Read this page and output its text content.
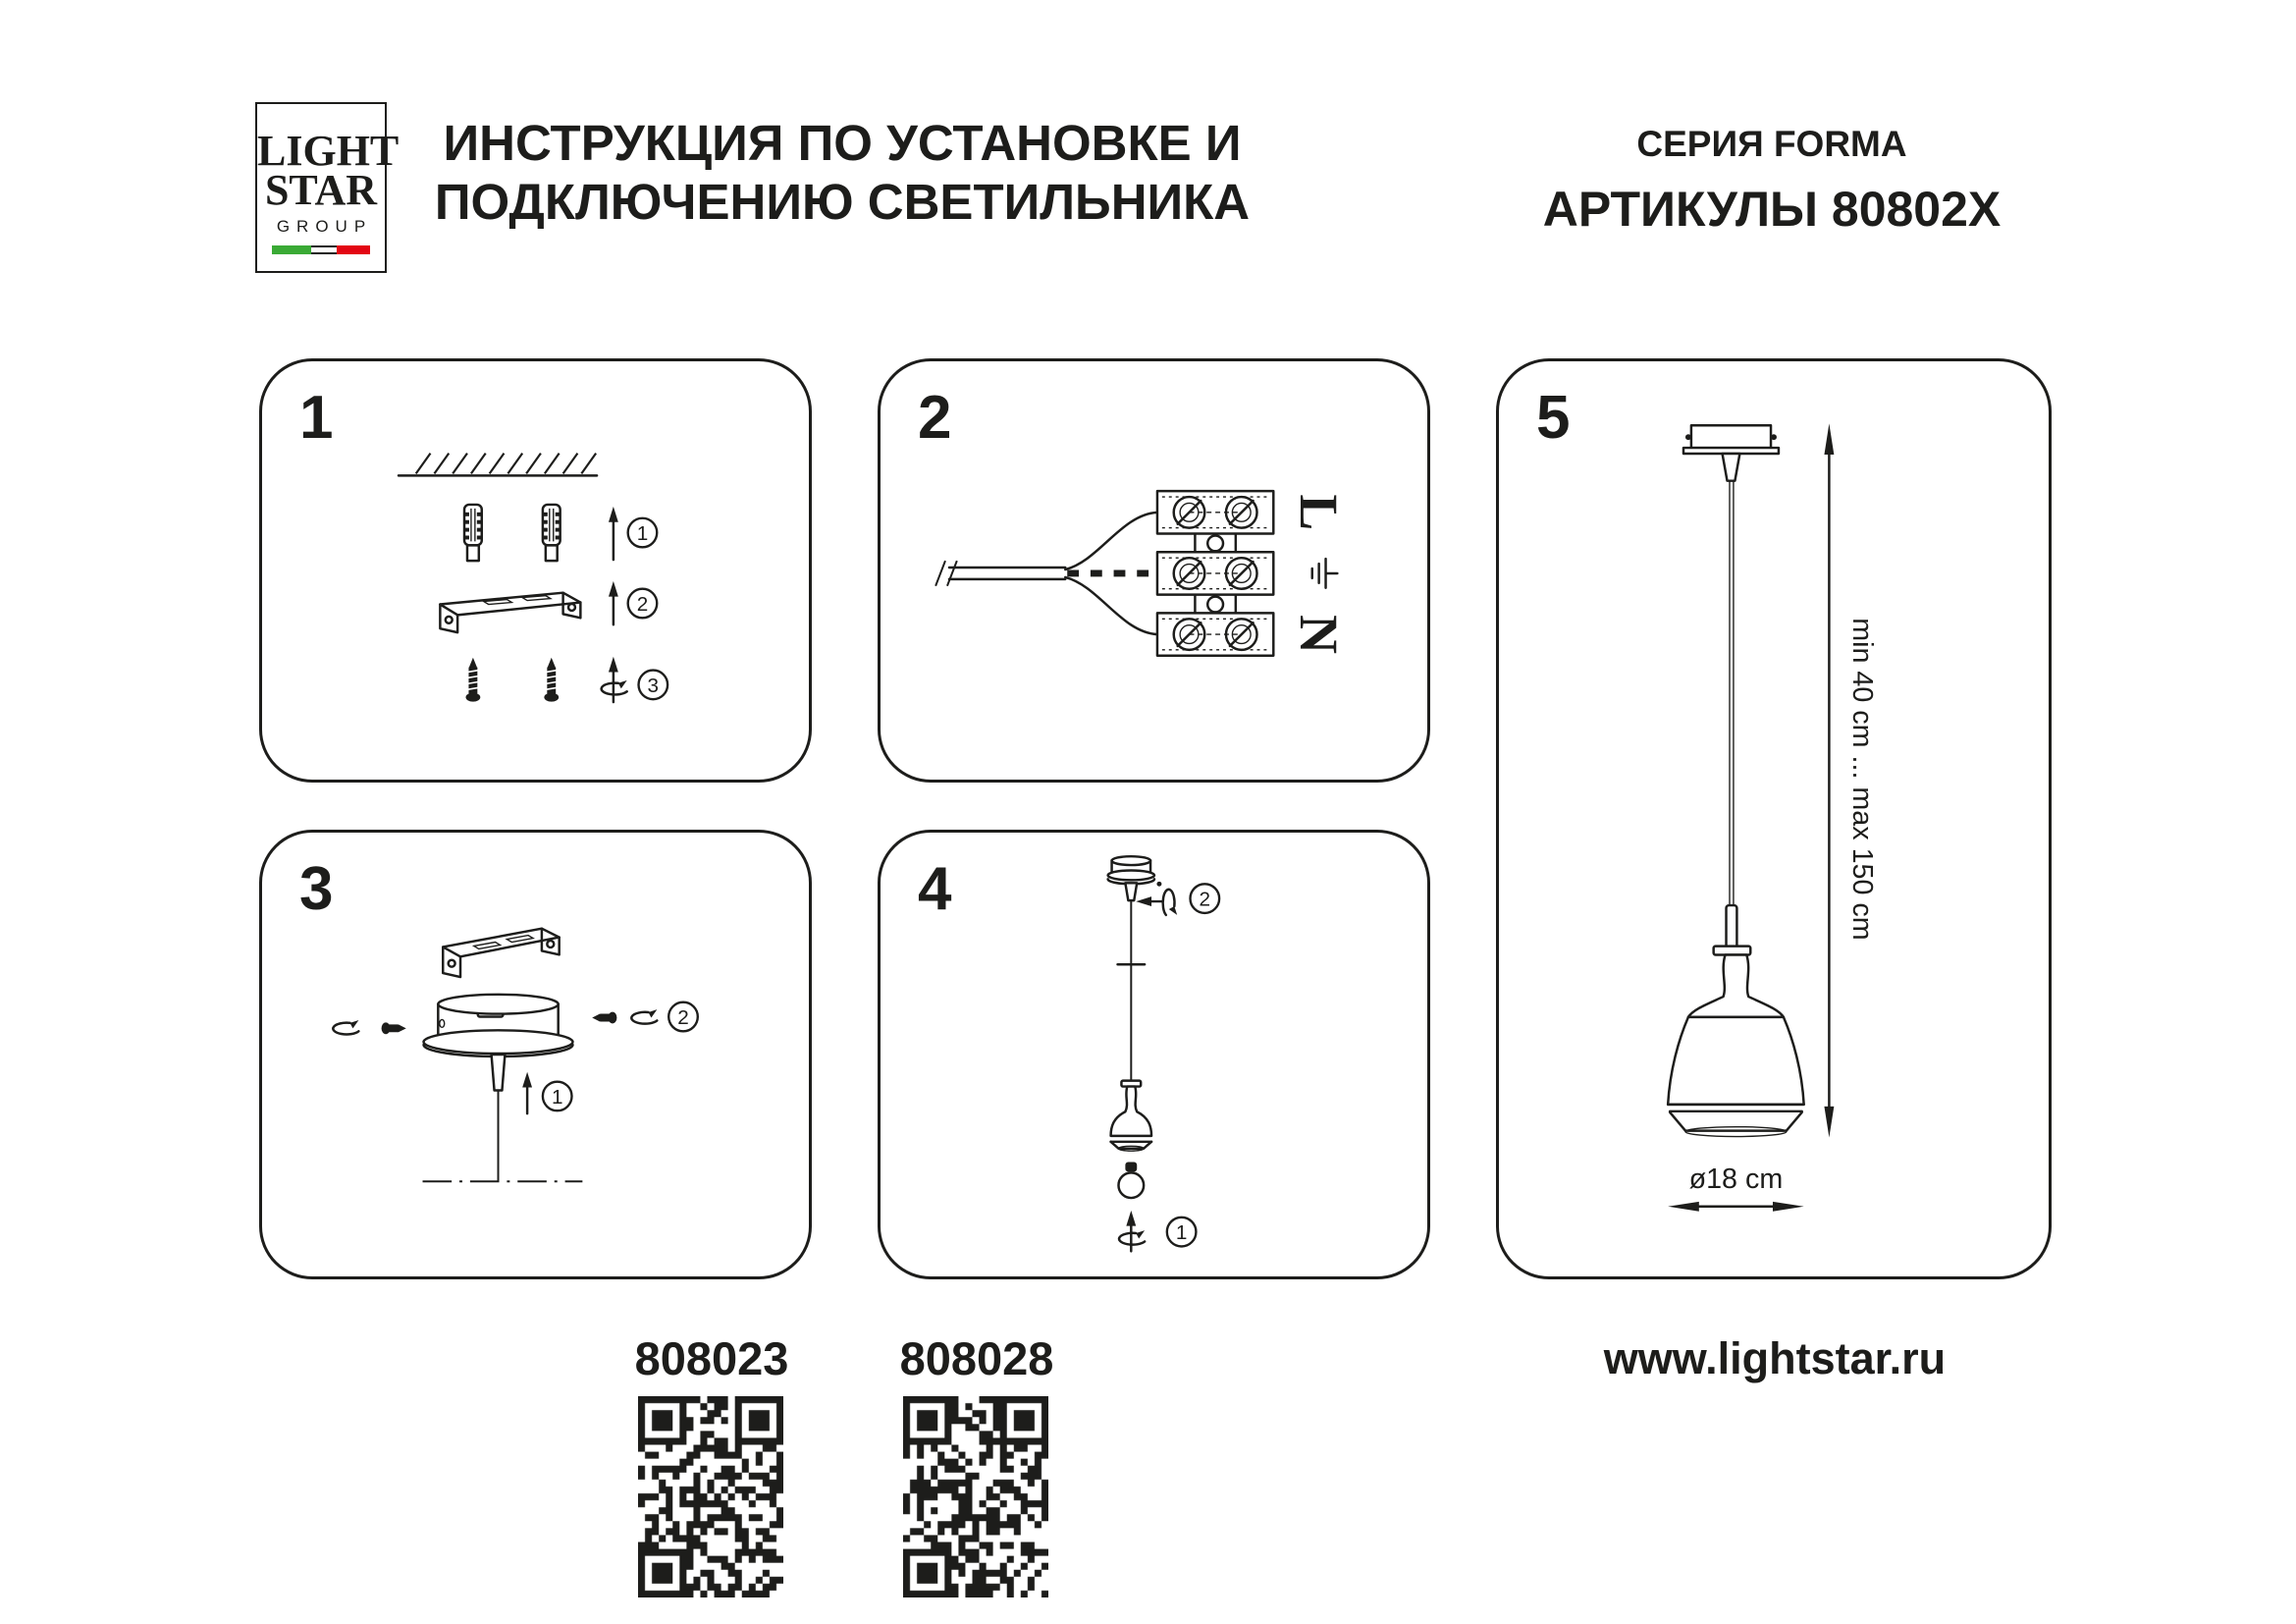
LIGHT
STAR
GROUP
ИНСТРУКЦИЯ ПО УСТАНОВКЕ И
ПОДКЛЮЧЕНИЮ СВЕТИЛЬНИКА
СЕРИЯ FORMA
АРТИКУЛЫ 80802X
1
1
2
3
2
L
N
3
2
1
4	2
1
5
min 40 cm ... max 150 cm
ø18 cm
808023 808028	www.lightstar.ru
